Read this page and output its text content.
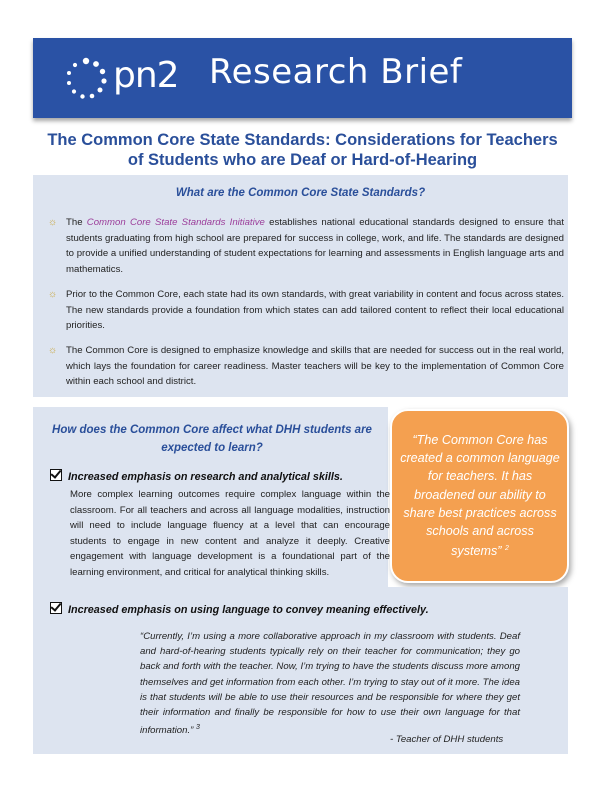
pn2 Research Brief
The Common Core State Standards: Considerations for Teachers
of Students who are Deaf or Hard-of-Hearing
What are the Common Core State Standards?
☼ The Common Core State Standards Initiative establishes national educational standards designed to ensure that students graduating from high school are prepared for success in college, work, and life. The standards are designed to provide a unified understanding of student expectations for learning and assessments in English language arts and mathematics.
☼ Prior to the Common Core, each state had its own standards, with great variability in content and focus across states. The new standards provide a foundation from which states can add tailored content to reflect their local educational priorities.
☼ The Common Core is designed to emphasize knowledge and skills that are needed for success out in the real world, which lays the foundation for career readiness. Master teachers will be key to the implementation of Common Core within each school and district.
How does the Common Core affect what DHH students are
expected to learn?
Increased emphasis on research and analytical skills.
More complex learning outcomes require complex language within the classroom. For all teachers and across all language modalities, instruction will need to include language fluency at a level that can encourage students to engage in new content and analyze it deeply. Creative engagement with language development is a foundational part of the learning environment, and critical for analytical thinking skills.
“The Common Core has created a common language for teachers. It has broadened our ability to share best practices across schools and across systems” $^2$
Increased emphasis on using language to convey meaning effectively.
“Currently, I’m using a more collaborative approach in my classroom with students. Deaf and hard-of-hearing students typically rely on their teacher for communication; they go back and forth with the teacher. Now, I’m trying to have the students discuss more among themselves and get information from each other. I’m trying to stay out of it more. The idea is that students will be able to use their resources and be responsible for where they get their information and finally be responsible for how to use their own language for that information.” $^3$
- Teacher of DHH students
